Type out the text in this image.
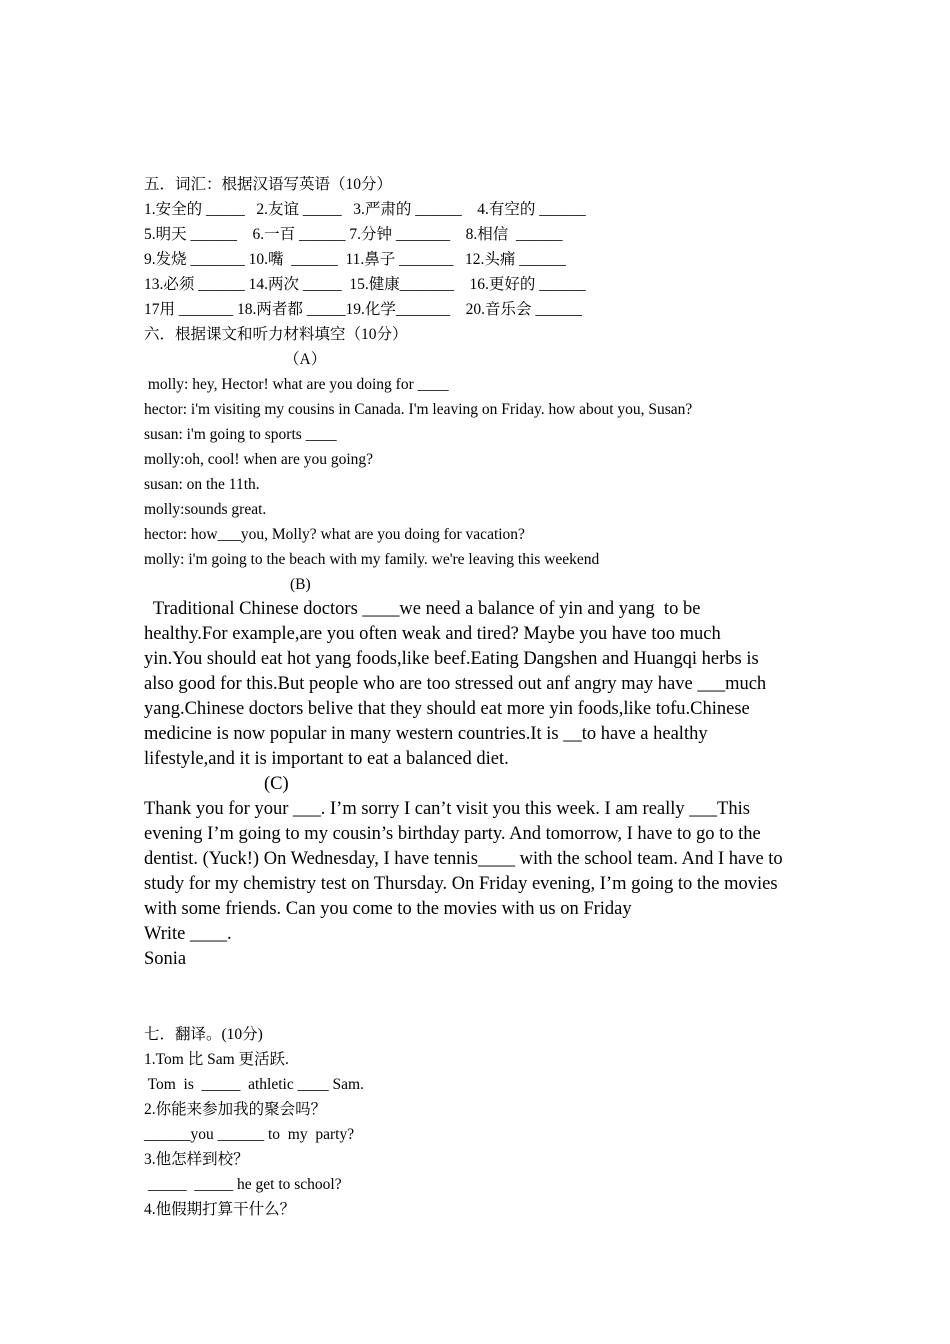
五．词汇：根据汉语写英语（10分）
1.安全的 _____   2.友谊 _____   3.严肃的 ______    4.有空的 ______
5.明天 ______    6.一百 ______ 7.分钟 _______    8.相信  ______
9.发烧 _______ 10.嘴  ______  11.鼻子 _______   12.头痛 ______
13.必须 ______ 14.两次 _____  15.健康_______    16.更好的 ______
17用 _______ 18.两者都 _____19.化学_______    20.音乐会 ______
六．根据课文和听力材料填空（10分）
（A）
molly: hey, Hector! what are you doing for ____
hector: i'm visiting my cousins in Canada. I'm leaving on Friday. how about you, Susan?
susan: i'm going to sports ____
molly:oh, cool! when are you going?
susan: on the 11th.
molly:sounds great.
hector: how___you, Molly? what are you doing for vacation?
molly: i'm going to the beach with my family. we're leaving this weekend
(B)
Traditional Chinese doctors ____we need a balance of yin and yang  to be
healthy.For example,are you often weak and tired? Maybe you have too much
yin.You should eat hot yang foods,like beef.Eating Dangshen and Huangqi herbs is
also good for this.But people who are too stressed out anf angry may have ___much
yang.Chinese doctors belive that they should eat more yin foods,like tofu.Chinese
medicine is now popular in many western countries.It is __to have a healthy
lifestyle,and it is important to eat a balanced diet.
(C)
Thank you for your ___. I’m sorry I can’t visit you this week. I am really ___This
evening I’m going to my cousin’s birthday party. And tomorrow, I have to go to the
dentist. (Yuck!) On Wednesday, I have tennis____ with the school team. And I have to
study for my chemistry test on Thursday. On Friday evening, I’m going to the movies
with some friends. Can you come to the movies with us on Friday
Write ____.
Sonia
七．翻译。(10分)
1.Tom 比 Sam 更活跃.
Tom  is  _____  athletic ____ Sam.
2.你能来参加我的聚会吗？
______you ______ to  my  party?
3.他怎样到校？
_____  _____ he get to school?
4.他假期打算干什么？
